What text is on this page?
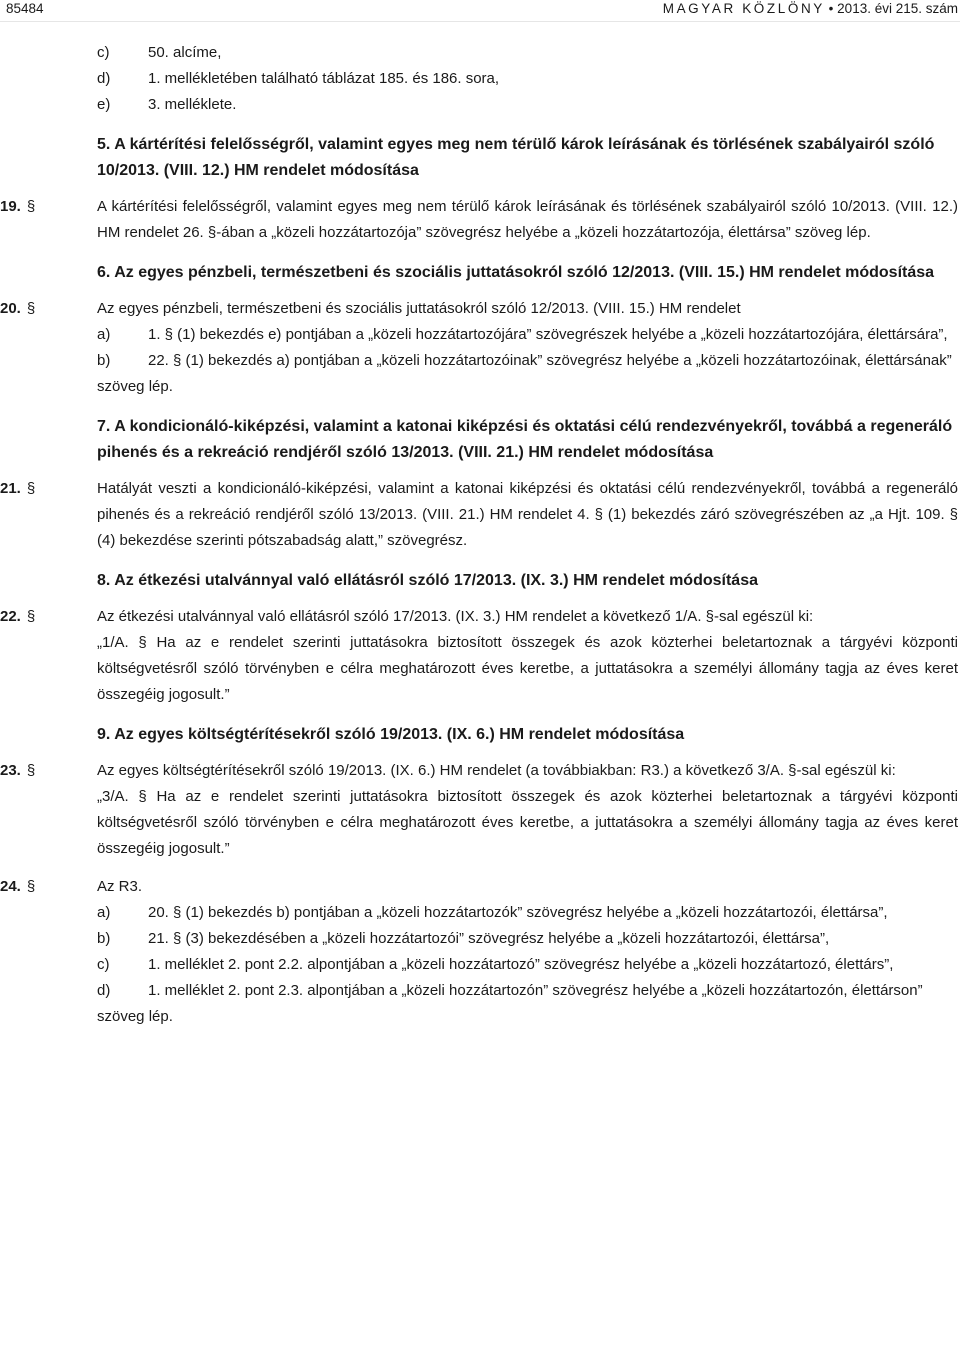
85484	MAGYAR KÖZLÖNY • 2013. évi 215. szám
c)	50. alcíme,
d)	1. mellékletében található táblázat 185. és 186. sora,
e)	3. melléklete.
5. A kártérítési felelősségről, valamint egyes meg nem térülő károk leírásának és törlésének szabályairól szóló 10/2013. (VIII. 12.) HM rendelet módosítása
19. §	A kártérítési felelősségről, valamint egyes meg nem térülő károk leírásának és törlésének szabályairól szóló 10/2013. (VIII. 12.) HM rendelet 26. §-ában a „közeli hozzátartozója” szövegrész helyébe a „közeli hozzátartozója, élettársa” szöveg lép.
6. Az egyes pénzbeli, természetbeni és szociális juttatásokról szóló 12/2013. (VIII. 15.) HM rendelet módosítása
20. §	Az egyes pénzbeli, természetbeni és szociális juttatásokról szóló 12/2013. (VIII. 15.) HM rendelet
a)	1. § (1) bekezdés e) pontjában a „közeli hozzátartozójára” szövegrészek helyébe a „közeli hozzátartozójára, élettársára”,
b)	22. § (1) bekezdés a) pontjában a „közeli hozzátartozóinak” szövegrész helyébe a „közeli hozzátartozóinak, élettársának”
szöveg lép.
7. A kondicionáló-kiképzési, valamint a katonai kiképzési és oktatási célú rendezvényekről, továbbá a regeneráló pihenés és a rekreáció rendjéről szóló 13/2013. (VIII. 21.) HM rendelet módosítása
21. §	Hatályát veszti a kondicionáló-kiképzési, valamint a katonai kiképzési és oktatási célú rendezvényekről, továbbá a regeneráló pihenés és a rekreáció rendjéről szóló 13/2013. (VIII. 21.) HM rendelet 4. § (1) bekezdés záró szövegrészében az „a Hjt. 109. § (4) bekezdése szerinti pótszabadság alatt,” szövegrész.
8. Az étkezési utalvánnyal való ellátásról szóló 17/2013. (IX. 3.) HM rendelet módosítása
22. §	Az étkezési utalvánnyal való ellátásról szóló 17/2013. (IX. 3.) HM rendelet a következő 1/A. §-sal egészül ki:
„1/A. § Ha az e rendelet szerinti juttatásokra biztosított összegek és azok közterhei beletartoznak a tárgyévi központi költségvetésről szóló törvényben e célra meghatározott éves keretbe, a juttatásokra a személyi állomány tagja az éves keret összegéig jogosult.”
9. Az egyes költségtérítésekről szóló 19/2013. (IX. 6.) HM rendelet módosítása
23. §	Az egyes költségtérítésekről szóló 19/2013. (IX. 6.) HM rendelet (a továbbiakban: R3.) a következő 3/A. §-sal egészül ki:
„3/A. § Ha az e rendelet szerinti juttatásokra biztosított összegek és azok közterhei beletartoznak a tárgyévi központi költségvetésről szóló törvényben e célra meghatározott éves keretbe, a juttatásokra a személyi állomány tagja az éves keret összegéig jogosult.”
24. §	Az R3.
a)	20. § (1) bekezdés b) pontjában a „közeli hozzátartozók” szövegrész helyébe a „közeli hozzátartozói, élettársa”,
b)	21. § (3) bekezdésében a „közeli hozzátartozói” szövegrész helyébe a „közeli hozzátartozói, élettársa”,
c)	1. melléklet 2. pont 2.2. alpontjában a „közeli hozzátartozó” szövegrész helyébe a „közeli hozzátartozó, élettárs”,
d)	1. melléklet 2. pont 2.3. alpontjában a „közeli hozzátartozón” szövegrész helyébe a „közeli hozzátartozón, élettárson”
szöveg lép.
